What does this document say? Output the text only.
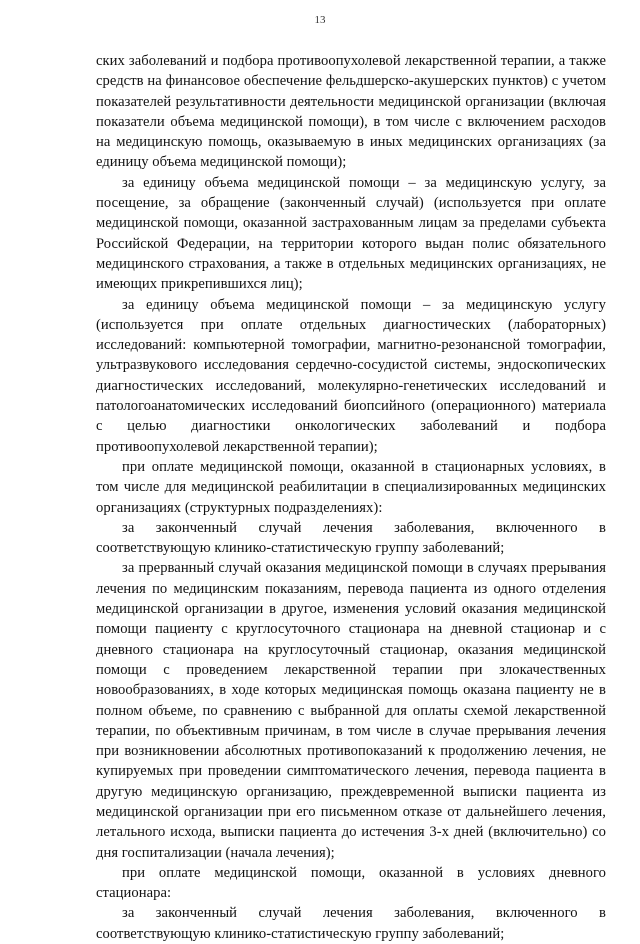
13

ских заболеваний и подбора противоопухолевой лекарственной терапии, а также средств на финансовое обеспечение фельдшерско-акушерских пунктов) с учетом показателей результативности деятельности медицинской организации (включая показатели объема медицинской помощи), в том числе с включением расходов на медицинскую помощь, оказываемую в иных медицинских организациях (за единицу объема медицинской помощи);

за единицу объема медицинской помощи – за медицинскую услугу, за посещение, за обращение (законченный случай) (используется при оплате медицинской помощи, оказанной застрахованным лицам за пределами субъекта Российской Федерации, на территории которого выдан полис обязательного медицинского страхования, а также в отдельных медицинских организациях, не имеющих прикрепившихся лиц);

за единицу объема медицинской помощи – за медицинскую услугу (используется при оплате отдельных диагностических (лабораторных) исследований: компьютерной томографии, магнитно-резонансной томографии, ультразвукового исследования сердечно-сосудистой системы, эндоскопических диагностических исследований, молекулярно-генетических исследований и патологоанатомических исследований биопсийного (операционного) материала с целью диагностики онкологических заболеваний и подбора противоопухолевой лекарственной терапии);

при оплате медицинской помощи, оказанной в стационарных условиях, в том числе для медицинской реабилитации в специализированных медицинских организациях (структурных подразделениях):

за законченный случай лечения заболевания, включенного в соответствующую клинико-статистическую группу заболеваний;

за прерванный случай оказания медицинской помощи в случаях прерывания лечения по медицинским показаниям, перевода пациента из одного отделения медицинской организации в другое, изменения условий оказания медицинской помощи пациенту с круглосуточного стационара на дневной стационар и с дневного стационара на круглосуточный стационар, оказания медицинской помощи с проведением лекарственной терапии при злокачественных новообразованиях, в ходе которых медицинская помощь оказана пациенту не в полном объеме, по сравнению с выбранной для оплаты схемой лекарственной терапии, по объективным причинам, в том числе в случае прерывания лечения при возникновении абсолютных противопоказаний к продолжению лечения, не купируемых при проведении симптоматического лечения, перевода пациента в другую медицинскую организацию, преждевременной выписки пациента из медицинской организации при его письменном отказе от дальнейшего лечения, летального исхода, выписки пациента до истечения 3-х дней (включительно) со дня госпитализации (начала лечения);

при оплате медицинской помощи, оказанной в условиях дневного стационара:

за законченный случай лечения заболевания, включенного в соответствующую клинико-статистическую группу заболеваний;
